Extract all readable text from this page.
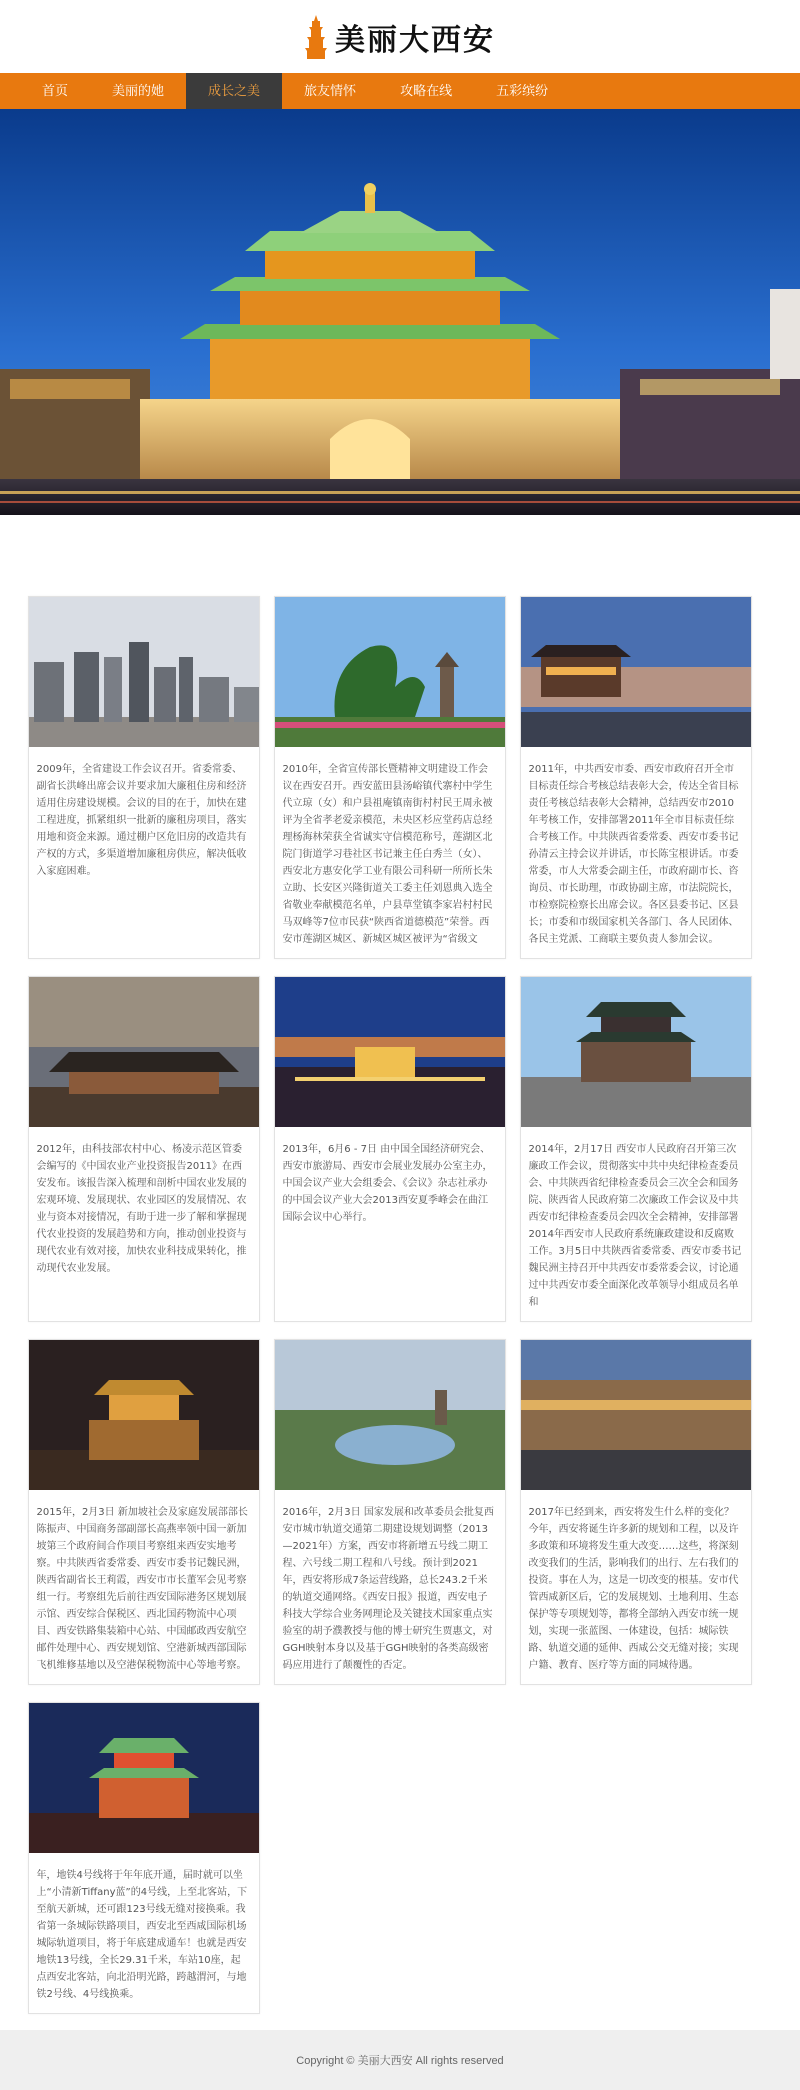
美丽大西安
首页	美丽的她	成长之美	旅友情怀	攻略在线	五彩缤纷
2009年，全省建设工作会议召开。省委常委、副省长洪峰出席会议并要求加大廉租住房和经济适用住房建设规模。会议的目的在于，加快在建工程进度，抓紧组织一批新的廉租房项目，落实用地和资金来源。通过棚户区危旧房的改造共有产权的方式，多渠道增加廉租房供应，解决低收入家庭困难。
2010年，全省宣传部长暨精神文明建设工作会议在西安召开。西安蓝田县汤峪镇代寨村中学生代立琼（女）和户县祖庵镇南街村村民王周永被评为全省孝老爱亲模范，未央区杉应堂药店总经理杨海林荣获全省诚实守信模范称号，莲湖区北院门街道学习巷社区书记兼主任白秀兰（女）、西安北方惠安化学工业有限公司科研一所所长朱立助、长安区兴隆街道关工委主任刘恩典入选全省敬业奉献模范名单，户县草堂镇李家岩村村民马双峰等7位市民获“陕西省道德模范”荣誉。西安市莲湖区城区、新城区城区被评为“省级文
2011年，中共西安市委、西安市政府召开全市目标责任综合考核总结表彰大会，传达全省目标责任考核总结表彰大会精神，总结西安市2010年考核工作，安排部署2011年全市目标责任综合考核工作。中共陕西省委常委、西安市委书记孙清云主持会议并讲话，市长陈宝根讲话。市委常委，市人大常委会副主任，市政府副市长、咨询员、市长助理，市政协副主席，市法院院长，市检察院检察长出席会议。各区县委书记、区县长；市委和市级国家机关各部门、各人民团体、各民主党派、工商联主要负责人参加会议。
2012年，由科技部农村中心、杨凌示范区管委会编写的《中国农业产业投资报告2011》在西安发布。该报告深入梳理和剖析中国农业发展的宏观环境、发展现状、农业园区的发展情况、农业与资本对接情况，有助于进一步了解和掌握现代农业投资的发展趋势和方向，推动创业投资与现代农业有效对接，加快农业科技成果转化，推动现代农业发展。
2013年，6月6 - 7日 由中国全国经济研究会、西安市旅游局、西安市会展业发展办公室主办，中国会议产业大会组委会、《会议》杂志社承办的中国会议产业大会2013西安夏季峰会在曲江国际会议中心举行。
2014年，2月17日 西安市人民政府召开第三次廉政工作会议，贯彻落实中共中央纪律检查委员会、中共陕西省纪律检查委员会三次全会和国务院、陕西省人民政府第二次廉政工作会议及中共西安市纪律检查委员会四次全会精神，安排部署2014年西安市人民政府系统廉政建设和反腐败工作。3月5日中共陕西省委常委、西安市委书记魏民洲主持召开中共西安市委常委会议，讨论通过中共西安市委全面深化改革领导小组成员名单和
2015年，2月3日 新加坡社会及家庭发展部部长陈振声、中国商务部副部长高燕率领中国一新加坡第三个政府间合作项目考察组来西安实地考察。中共陕西省委常委、西安市委书记魏民洲，陕西省副省长王莉霞，西安市市长董军会见考察组一行。考察组先后前往西安国际港务区规划展示馆、西安综合保税区、西北国药物流中心项目、西安铁路集装箱中心站、中国邮政西安航空邮件处理中心、西安规划馆、空港新城西部国际飞机维修基地以及空港保税物流中心等地考察。
2016年，2月3日 国家发展和改革委员会批复西安市城市轨道交通第二期建设规划调整（2013—2021年）方案，西安市将新增五号线二期工程、六号线二期工程和八号线。预计到2021年，西安将形成7条运营线路，总长243.2千米的轨道交通网络。《西安日报》报道，西安电子科技大学综合业务网理论及关键技术国家重点实验室的胡予濮教授与他的博士研究生贾惠文，对GGH映射本身以及基于GGH映射的各类高级密码应用进行了颠覆性的否定。
2017年已经到来，西安将发生什么样的变化？今年，西安将诞生许多新的规划和工程，以及许多政策和环境将发生重大改变……这些，将深刻改变我们的生活，影响我们的出行、左右我们的投资。事在人为，这是一切改变的根基。安市代管西咸新区后，它的发展规划、土地利用、生态保护等专项规划等，都将全部纳入西安市统一规划，实现一张蓝图、一体建设，包括：城际铁路、轨道交通的延伸、西咸公交无缝对接；实现户籍、教育、医疗等方面的同城待遇。
年，地铁4号线将于年年底开通，届时就可以坐上“小清新Tiffany蓝”的4号线，上至北客站，下至航天新城，还可跟123号线无缝对接换乘。我省第一条城际铁路项目，西安北至西咸国际机场城际轨道项目，将于年底建成通车！也就是西安地铁13号线，全长29.31千米，车站10座，起点西安北客站，向北沿明光路，跨越渭河，与地铁2号线、4号线换乘。
Copyright © 美丽大西安 All rights reserved
